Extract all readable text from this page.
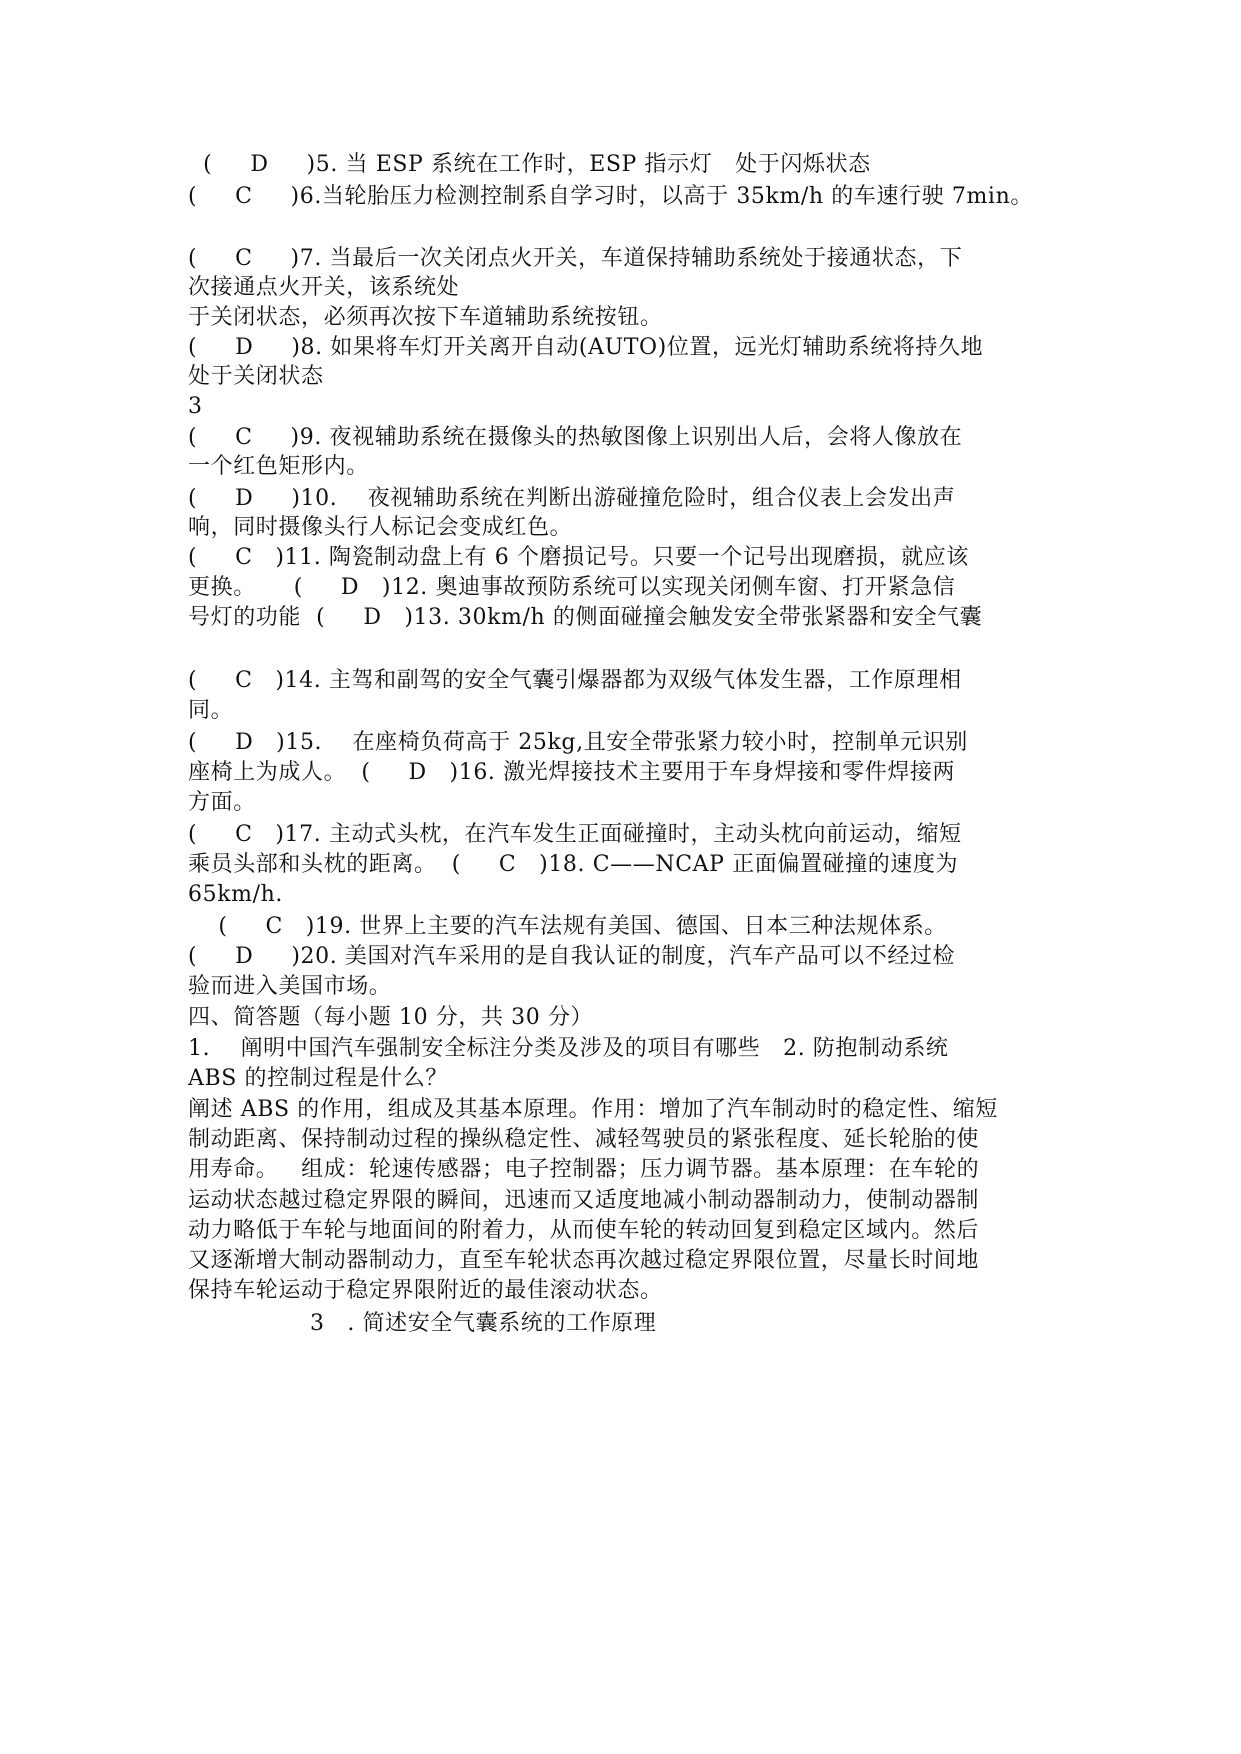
(     D     )5. 当 ESP 系统在工作时，ESP 指示灯   处于闪烁状态
(     C     )6.当轮胎压力检测控制系自学习时，以高于 35km/h 的车速行驶 7min。
(     C     )7. 当最后一次关闭点火开关，车道保持辅助系统处于接通状态，下
次接通点火开关，该系统处
于关闭状态，必须再次按下车道辅助系统按钮。
(     D     )8. 如果将车灯开关离开自动(AUTO)位置，远光灯辅助系统将持久地
处于关闭状态
3
(     C     )9. 夜视辅助系统在摄像头的热敏图像上识别出人后，会将人像放在
一个红色矩形内。
(     D     )10.    夜视辅助系统在判断出游碰撞危险时，组合仪表上会发出声
响，同时摄像头行人标记会变成红色。
(     C   )11. 陶瓷制动盘上有 6 个磨损记号。只要一个记号出现磨损，就应该
更换。     (     D   )12. 奥迪事故预防系统可以实现关闭侧车窗、打开紧急信
号灯的功能  (     D   )13. 30km/h 的侧面碰撞会触发安全带张紧器和安全气囊
(     C   )14. 主驾和副驾的安全气囊引爆器都为双级气体发生器，工作原理相
同。
(     D   )15.    在座椅负荷高于 25kg,且安全带张紧力较小时，控制单元识别
座椅上为成人。  (     D   )16. 激光焊接技术主要用于车身焊接和零件焊接两
方面。
(     C   )17. 主动式头枕，在汽车发生正面碰撞时，主动头枕向前运动，缩短
乘员头部和头枕的距离。  (     C   )18. C——NCAP 正面偏置碰撞的速度为
65km/h.
(     C   )19. 世界上主要的汽车法规有美国、德国、日本三种法规体系。
(     D     )20. 美国对汽车采用的是自我认证的制度，汽车产品可以不经过检
验而进入美国市场。
四、简答题（每小题 10 分，共 30 分）
1.    阐明中国汽车强制安全标注分类及涉及的项目有哪些   2. 防抱制动系统
ABS 的控制过程是什么？
阐述 ABS 的作用，组成及其基本原理。作用：增加了汽车制动时的稳定性、缩短
制动距离、保持制动过程的操纵稳定性、减轻驾驶员的紧张程度、延长轮胎的使
用寿命。   组成：轮速传感器；电子控制器；压力调节器。基本原理：在车轮的
运动状态越过稳定界限的瞬间，迅速而又适度地减小制动器制动力，使制动器制
动力略低于车轮与地面间的附着力，从而使车轮的转动回复到稳定区域内。然后
又逐渐增大制动器制动力，直至车轮状态再次越过稳定界限位置，尽量长时间地
保持车轮运动于稳定界限附近的最佳滚动状态。
3   . 简述安全气囊系统的工作原理
